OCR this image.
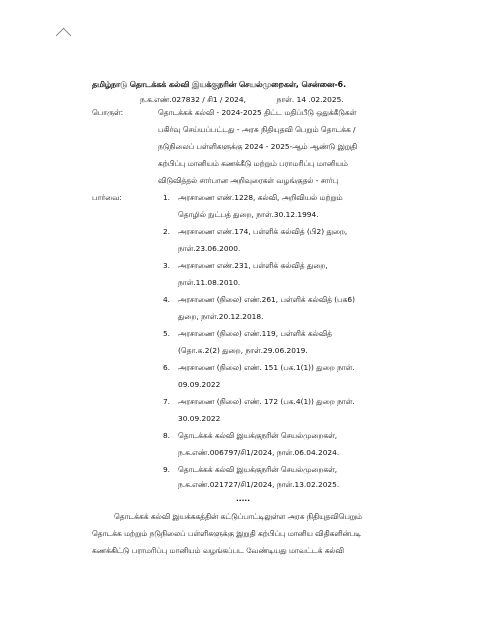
தமிழ்நாடு தொடக்கக் கல்வி இயக்குநரின் செயல்முறைகள், சென்னை-6.
ந.க.எண்.027832 / சி1 / 2024,	நாள். 14 .02.2025.
பொருள்:	தொடக்கக் கல்வி - 2024-2025 திட்ட மதிப்பீடு ஒதுக்கீடுகள்
பகிர்வு செய்யப்பட்டது - அரசு நிதியுதவி பெறும் தொடக்க /
நடுநிலைப் பள்ளிகளுக்கு 2024 - 2025-ஆம் ஆண்டு இறுதி
கற்பிப்பு மானியம் கணக்கீடு மற்றும் பராமரிப்பு மானியம்
விடுவித்தல் சார்பான அறிவுரைகள் வழங்குதல் - சார்பு
பார்வை:	1. அரசாணை எண்.1228, கல்வி, அறிவியல் மற்றும்
தொழில் நுட்பத் துறை, நாள்.30.12.1994.
2. அரசாணை எண்.174, பள்ளிக் கல்வித் (பி2) துறை,
நாள்.23.06.2000.
3. அரசாணை எண்.231, பள்ளிக் கல்வித் துறை,
நாள்.11.08.2010.
4. அரசாணை (நிலை) எண்.261, பள்ளிக் கல்வித் (பக6)
துறை, நாள்.20.12.2018.
5. அரசாணை (நிலை) எண்.119, பள்ளிக் கல்வித்
(தொ.க.2(2) துறை, நாள்.29.06.2019.
6. அரசாணை (நிலை) எண். 151 (பக.1(1)) துறை நாள்.
09.09.2022
7. அரசாணை (நிலை) எண். 172 (பக.4(1)) துறை நாள்.
30.09.2022
8. தொடக்கக் கல்வி இயக்குநரின் செயல்முறைகள்,
ந.க.எண்.006797/சி1/2024, நாள்.06.04.2024.
9. தொடக்கக் கல்வி இயக்குநரின் செயல்முறைகள்,
ந.க.எண்.021727/சி1/2024, நாள்.13.02.2025.
.....
தொடக்கக் கல்வி இயக்ககத்தின் கட்டுப்பாட்டிலுள்ள அரசு நிதியுதவிபெறும்
தொடக்க மற்றும் நடுநிலைப் பள்ளிகளுக்கு இறுதி கற்பிப்பு மானிய விதிகளின்படி
கணக்கிட்டு பராமரிப்பு மானியம் வழங்கப்பட வேண்டியது மாவட்டக் கல்வி
